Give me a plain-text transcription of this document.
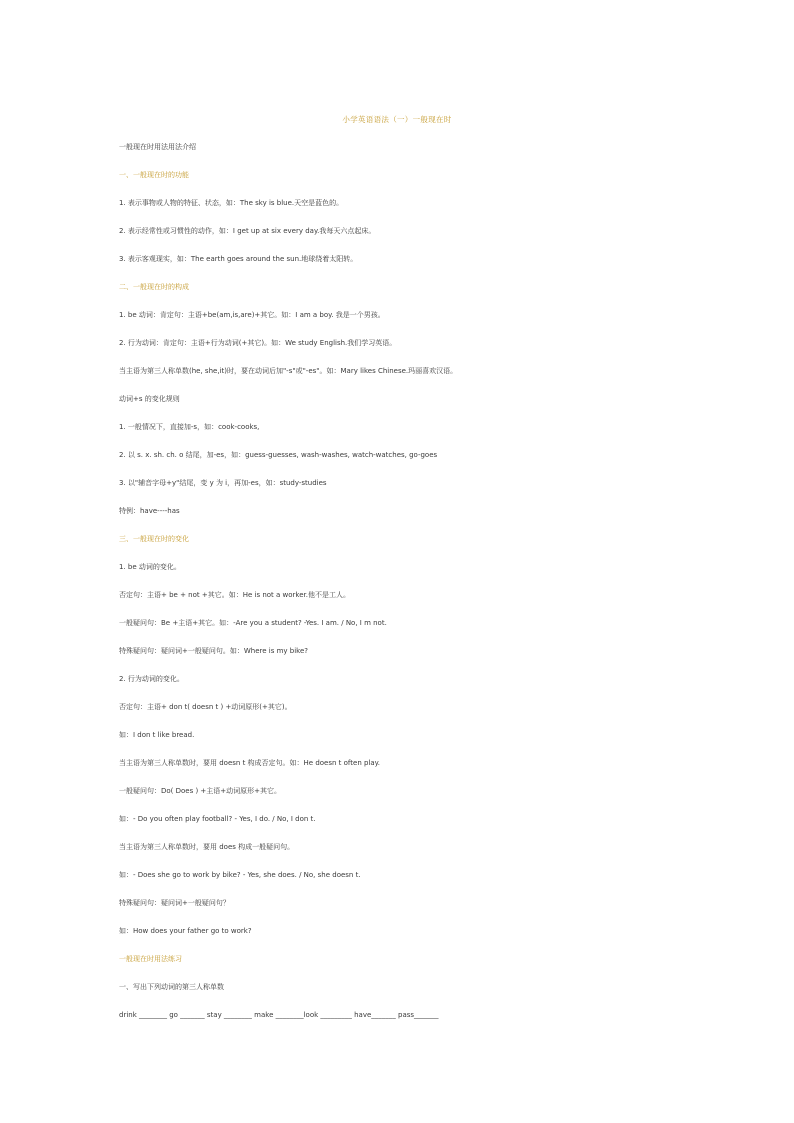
小学英语语法（一）一般现在时
一般现在时用法用法介绍
一、一般现在时的功能
1. 表示事物或人物的特征、状态，如：The sky is blue.天空是蓝色的。
2. 表示经常性或习惯性的动作，如：I get up at six every day.我每天六点起床。
3. 表示客观现实，如：The earth goes around the sun.地球绕着太阳转。
二、一般现在时的构成
1. be 动词：肯定句：主语+be(am,is,are)+其它。如：I am a boy. 我是一个男孩。
2. 行为动词：肯定句：主语+行为动词(+其它)。如：We study English.我们学习英语。
当主语为第三人称单数(he, she,it)时，要在动词后加"-s"或"-es"。如：Mary likes Chinese.玛丽喜欢汉语。
动词+s 的变化规则
1. 一般情况下，直接加-s，如：cook-cooks,
2. 以 s. x. sh. ch. o 结尾，加-es，如：guess-guesses, wash-washes, watch-watches, go-goes
3. 以"辅音字母+y"结尾，变 y 为 i，再加-es，如：study-studies
特例：have----has
三、一般现在时的变化
1. be 动词的变化。
否定句：主语+ be + not +其它。如：He is not a worker.他不是工人。
一般疑问句：Be +主语+其它。如：-Are you a student? -Yes. I am. / No, I m not.
特殊疑问句：疑问词+一般疑问句。如：Where is my bike?
2. 行为动词的变化。
否定句：主语+ don t( doesn t ) +动词原形(+其它)。
如：I don t like bread.
当主语为第三人称单数时，要用 doesn t 构成否定句。如：He doesn t often play.
一般疑问句：Do( Does ) +主语+动词原形+其它。
如：- Do you often play football? - Yes, I do. / No, I don t.
当主语为第三人称单数时，要用 does 构成一般疑问句。
如：- Does she go to work by bike? - Yes, she does. / No, she doesn t.
特殊疑问句：疑问词+一般疑问句？
如：How does your father go to work?
一般现在时用法练习
一、写出下列动词的第三人称单数
drink ________ go _______ stay ________ make ________look _________ have_______ pass_______
